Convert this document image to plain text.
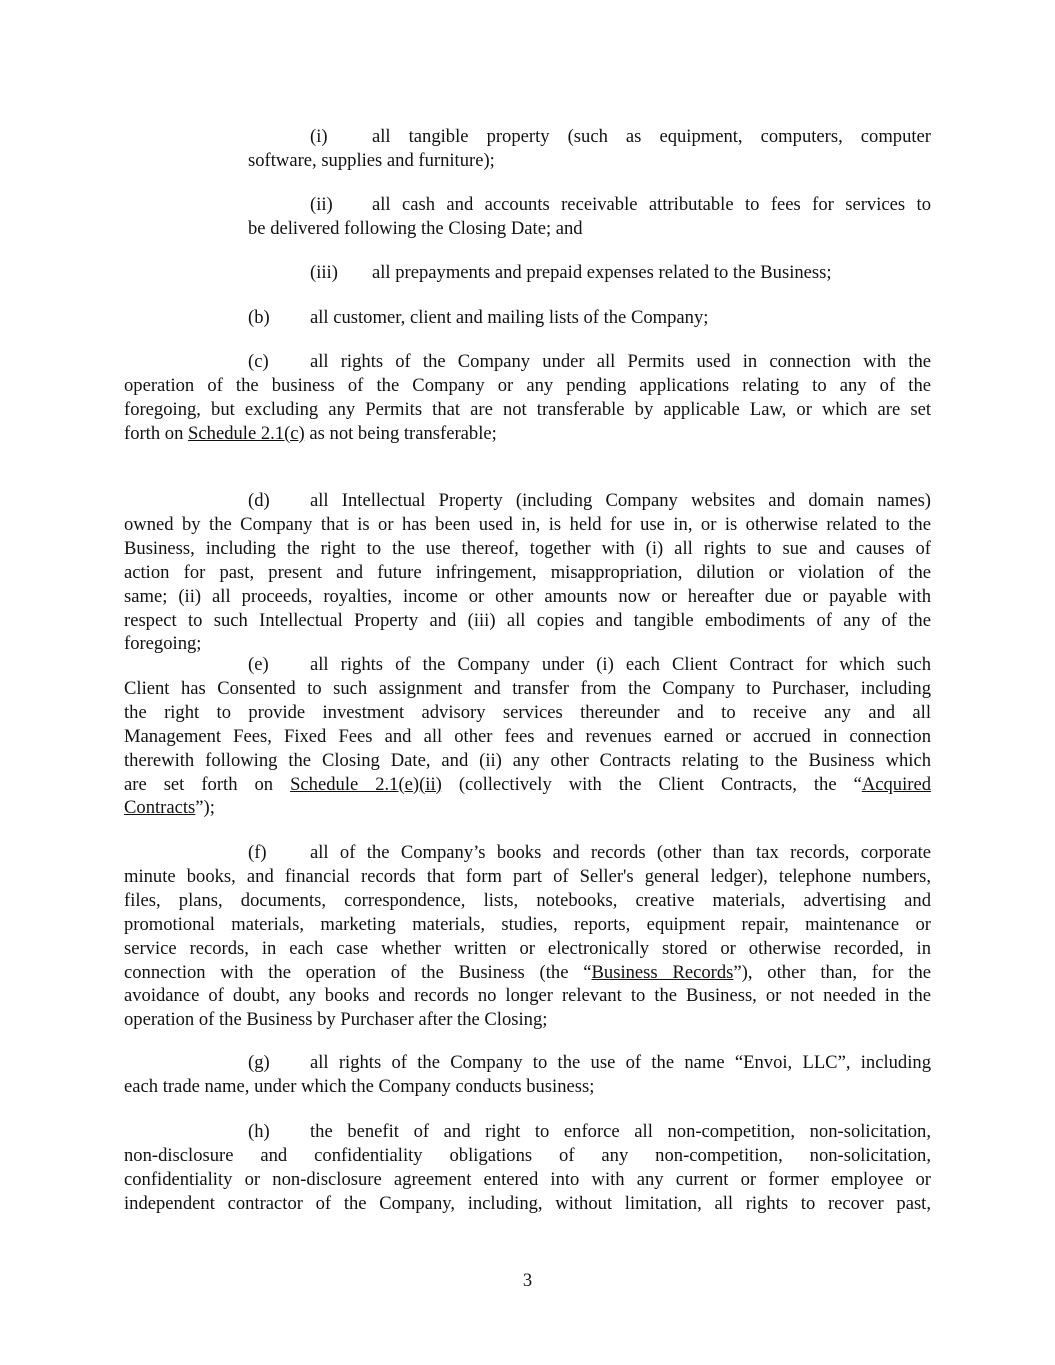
(i) all tangible property (such as equipment, computers, computer
software, supplies and furniture);
(ii) all cash and accounts receivable attributable to fees for services to
be delivered following the Closing Date; and
(iii) all prepayments and prepaid expenses related to the Business;
(b) all customer, client and mailing lists of the Company;
(c) all rights of the Company under all Permits used in connection with the
operation of the business of the Company or any pending applications relating to any of the
foregoing, but excluding any Permits that are not transferable by applicable Law, or which are set
forth on Schedule 2.1(c) as not being transferable;
(d) all Intellectual Property (including Company websites and domain names)
owned by the Company that is or has been used in, is held for use in, or is otherwise related to the
Business, including the right to the use thereof, together with (i) all rights to sue and causes of
action for past, present and future infringement, misappropriation, dilution or violation of the
same; (ii) all proceeds, royalties, income or other amounts now or hereafter due or payable with
respect to such Intellectual Property and (iii) all copies and tangible embodiments of any of the
foregoing;
(e) all rights of the Company under (i) each Client Contract for which such
Client has Consented to such assignment and transfer from the Company to Purchaser, including
the right to provide investment advisory services thereunder and to receive any and all
Management Fees, Fixed Fees and all other fees and revenues earned or accrued in connection
therewith following the Closing Date, and (ii) any other Contracts relating to the Business which
are set forth on Schedule 2.1(e)(ii) (collectively with the Client Contracts, the “Acquired
Contracts”);
(f) all of the Company’s books and records (other than tax records, corporate
minute books, and financial records that form part of Seller's general ledger), telephone numbers,
files, plans, documents, correspondence, lists, notebooks, creative materials, advertising and
promotional materials, marketing materials, studies, reports, equipment repair, maintenance or
service records, in each case whether written or electronically stored or otherwise recorded, in
connection with the operation of the Business (the “Business Records”), other than, for the
avoidance of doubt, any books and records no longer relevant to the Business, or not needed in the
operation of the Business by Purchaser after the Closing;
(g) all rights of the Company to the use of the name “Envoi, LLC”, including
each trade name, under which the Company conducts business;
(h) the benefit of and right to enforce all non-competition, non-solicitation,
non-disclosure and confidentiality obligations of any non-competition, non-solicitation,
confidentiality or non-disclosure agreement entered into with any current or former employee or
independent contractor of the Company, including, without limitation, all rights to recover past,
3
